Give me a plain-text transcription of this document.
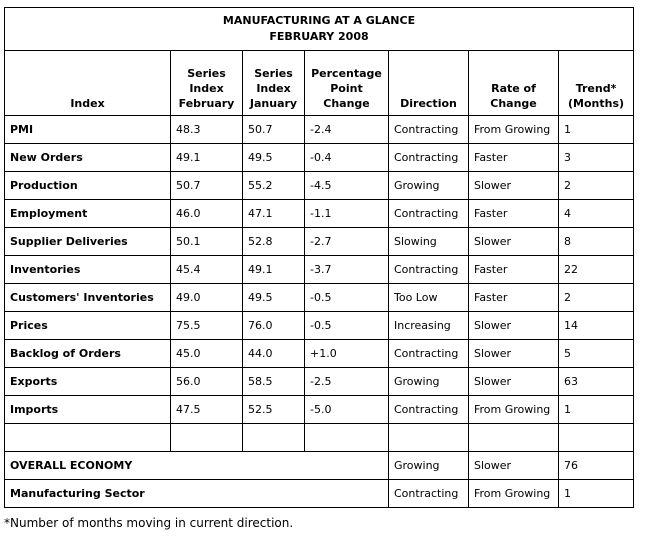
MANUFACTURING AT A GLANCE
FEBRUARY 2008						

Index	Series Index February	Series Index January	Percentage Point Change	Direction	Rate of Change	Trend* (Months)
PMI	48.3	50.7	-2.4	Contracting	From Growing	1
New Orders	49.1	49.5	-0.4	Contracting	Faster	3
Production	50.7	55.2	-4.5	Growing	Slower	2
Employment	46.0	47.1	-1.1	Contracting	Faster	4
Supplier Deliveries	50.1	52.8	-2.7	Slowing	Slower	8
Inventories	45.4	49.1	-3.7	Contracting	Faster	22
Customers' Inventories	49.0	49.5	-0.5	Too Low	Faster	2
Prices	75.5	76.0	-0.5	Increasing	Slower	14
Backlog of Orders	45.0	44.0	+1.0	Contracting	Slower	5
Exports	56.0	58.5	-2.5	Growing	Slower	63
Imports	47.5	52.5	-5.0	Contracting	From Growing	1

OVERALL ECONOMY				Growing	Slower	76
Manufacturing Sector				Contracting	From Growing	1
*Number of months moving in current direction.
